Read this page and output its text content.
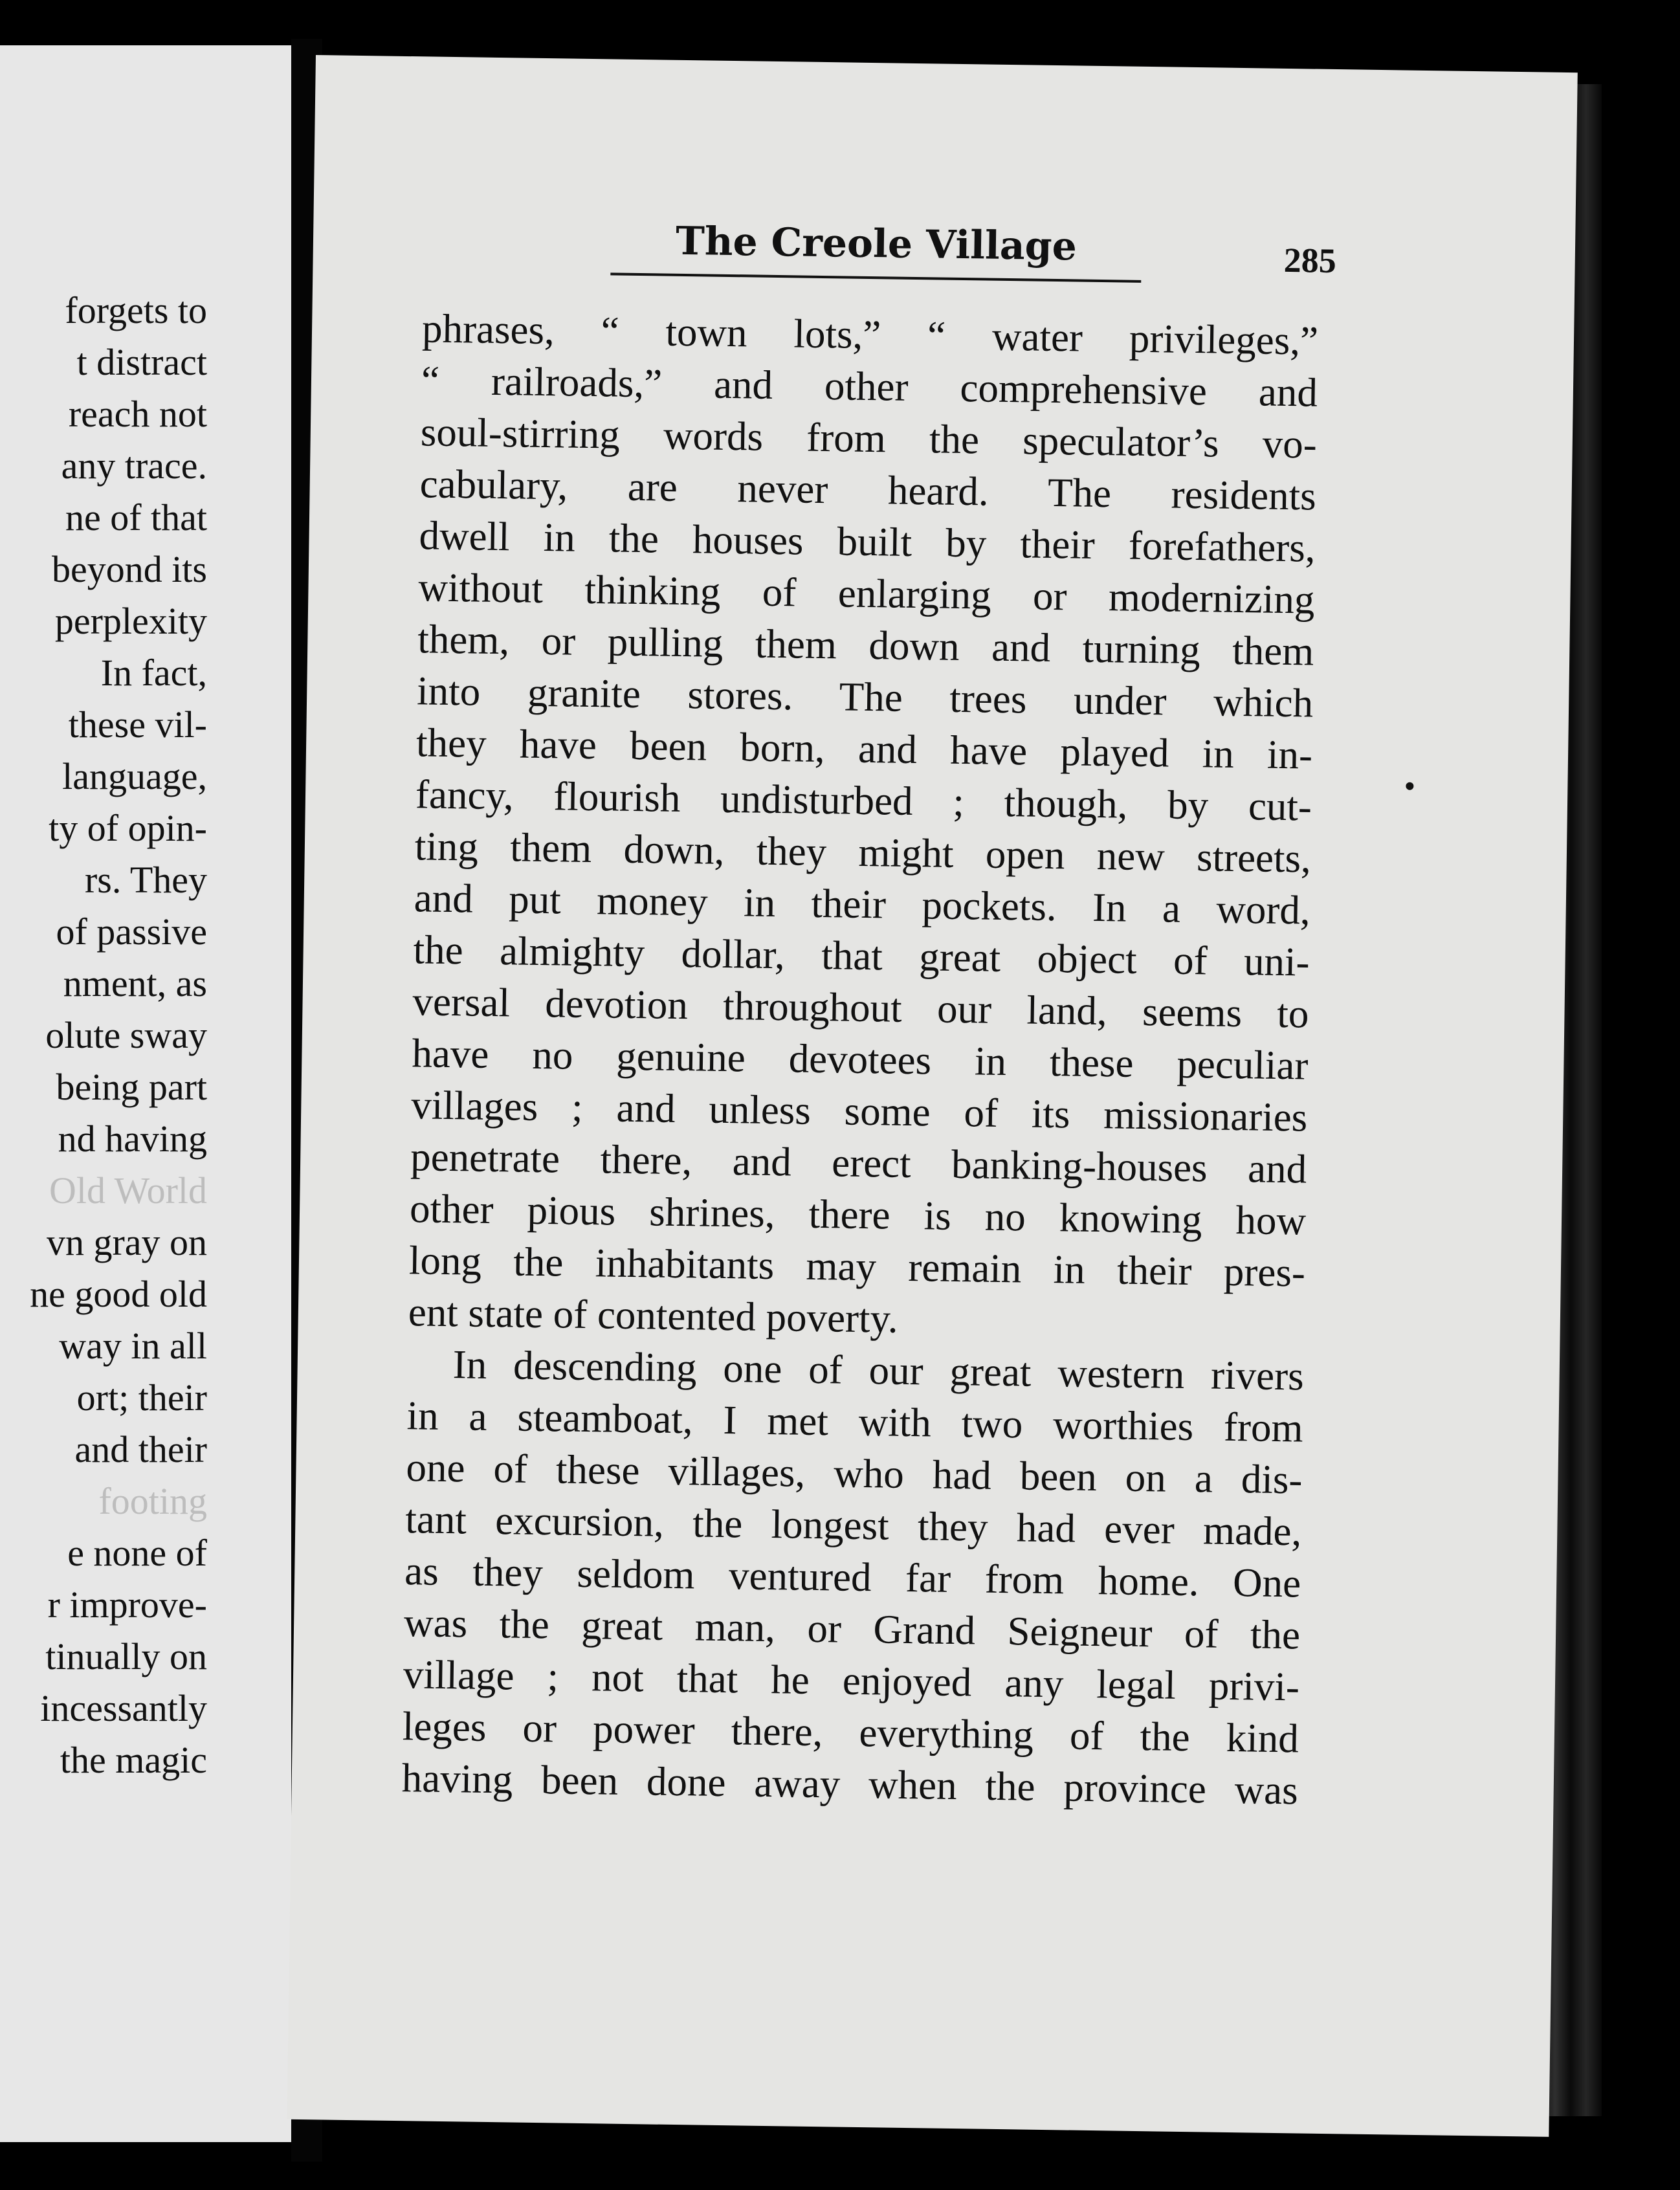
forgets to
t distract
reach not
any trace.
ne of that
beyond its
perplexity
In fact,
these vil-
language,
ty of opin-
rs. They
of passive
nment, as
olute sway
being part
nd having
Old World
vn gray on
ne good old
way in all
ort; their
and their
footing
e none of
r improve-
tinually on
incessantly
the magic
The Creole Village	285
phrases, “ town lots,” “ water privileges,”
“ railroads,” and other comprehensive and
soul-stirring words from the speculator’s vo-
cabulary, are never heard. The residents
dwell in the houses built by their forefathers,
without thinking of enlarging or modernizing
them, or pulling them down and turning them
into granite stores. The trees under which
they have been born, and have played in in-
fancy, flourish undisturbed ; though, by cut-
ting them down, they might open new streets,
and put money in their pockets. In a word,
the almighty dollar, that great object of uni-
versal devotion throughout our land, seems to
have no genuine devotees in these peculiar
villages ; and unless some of its missionaries
penetrate there, and erect banking-houses and
other pious shrines, there is no knowing how
long the inhabitants may remain in their pres-
ent state of contented poverty.
In descending one of our great western rivers
in a steamboat, I met with two worthies from
one of these villages, who had been on a dis-
tant excursion, the longest they had ever made,
as they seldom ventured far from home. One
was the great man, or Grand Seigneur of the
village ; not that he enjoyed any legal privi-
leges or power there, everything of the kind
having been done away when the province was
